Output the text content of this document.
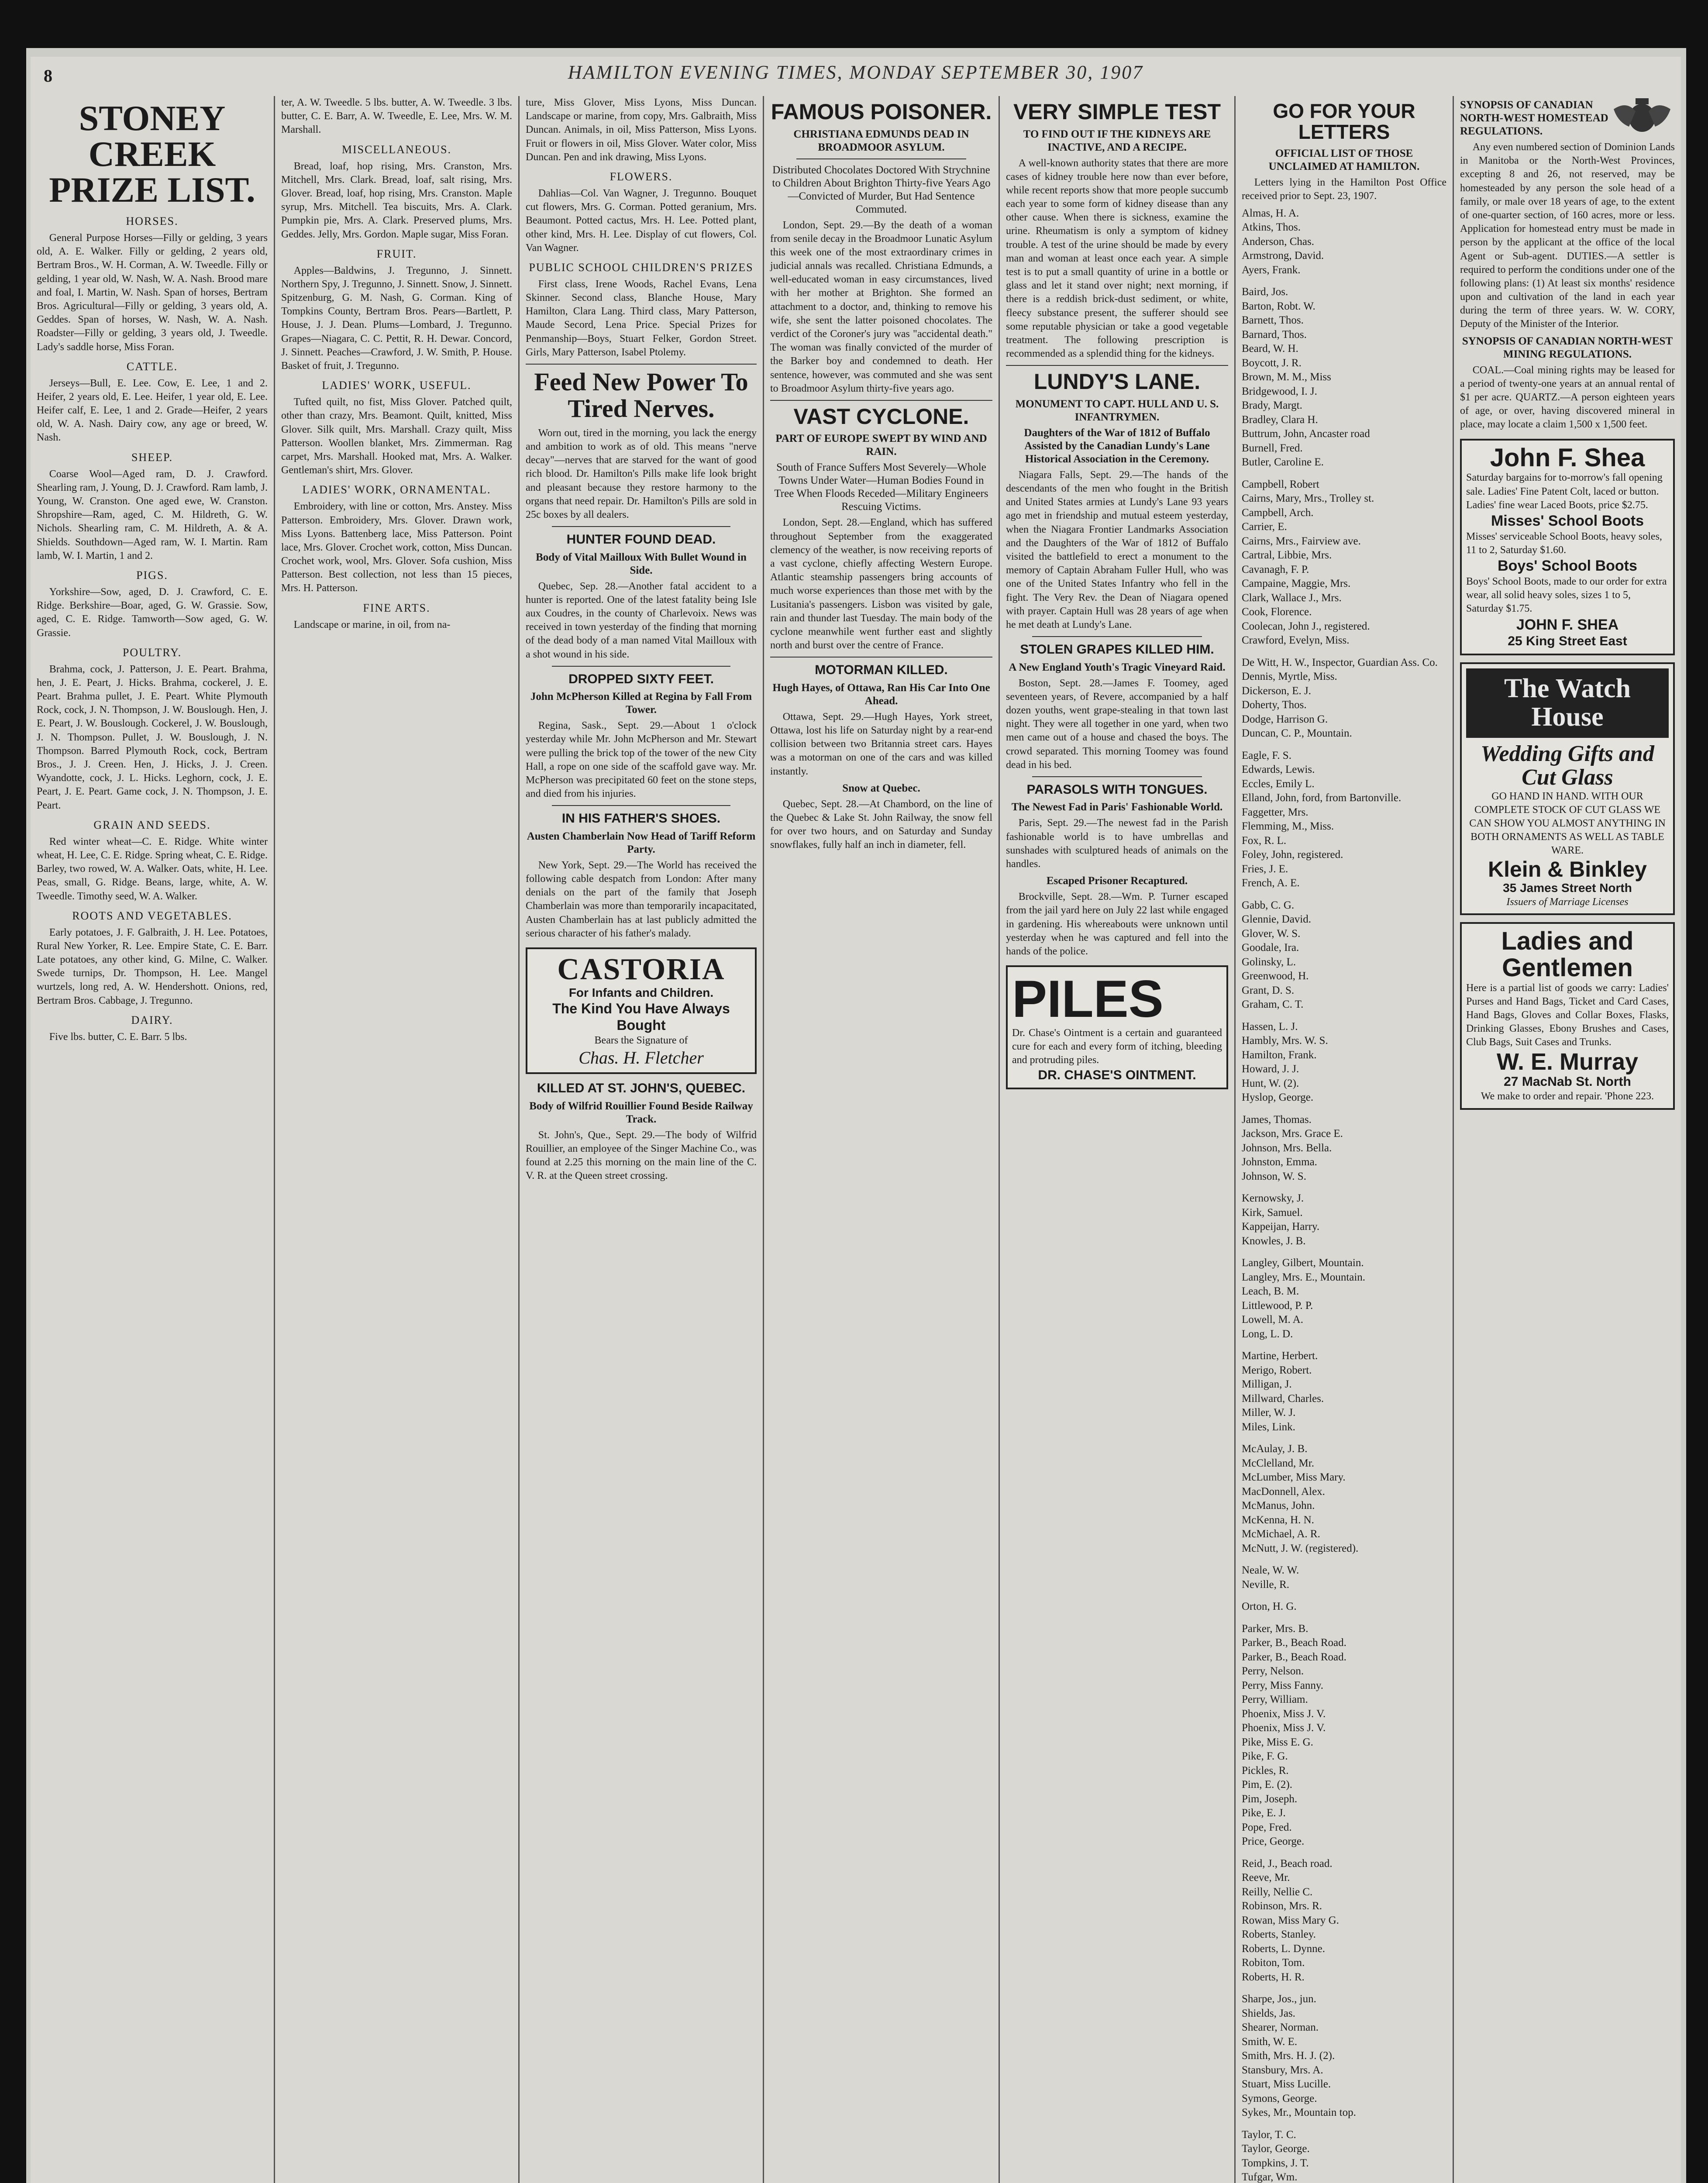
8	HAMILTON EVENING TIMES, MONDAY SEPTEMBER 30, 1907
STONEY CREEK PRIZE LIST.
HORSES.

General Purpose Horses—Filly or gelding, 3 years old, A. E. Walker. Filly or gelding, 2 years old, Bertram Bros., W. H. Corman, A. W. Tweedle. Filly or gelding, 1 year old, W. Nash, W. A. Nash. Brood mare and foal, I. Martin, W. Nash. Span of horses, Bertram Bros. Agricultural—Filly or gelding, 3 years old, A. Geddes. Span of horses, W. Nash, W. A. Nash. Roadster—Filly or gelding, 3 years old, J. Tweedle. Lady's saddle horse, Miss Foran.

CATTLE.

Jerseys—Bull, E. Lee. Cow, E. Lee, 1 and 2. Heifer, 2 years old, E. Lee. Heifer, 1 year old, E. Lee. Heifer calf, E. Lee, 1 and 2. Grade—Heifer, 2 years old, W. A. Nash. Dairy cow, any age or breed, W. Nash.

SHEEP.

Coarse Wool—Aged ram, D. J. Crawford. Shearling ram, J. Young, D. J. Crawford. Ram lamb, J. Young, W. Cranston. One aged ewe, W. Cranston. Shropshire—Ram, aged, C. M. Hildreth, G. W. Nichols. Shearling ram, C. M. Hildreth, A. & A. Shields. Southdown—Aged ram, W. I. Martin. Ram lamb, W. I. Martin, 1 and 2.

PIGS.

Yorkshire—Sow, aged, D. J. Crawford, C. E. Ridge. Berkshire—Boar, aged, G. W. Grassie. Sow, aged, C. E. Ridge. Tamworth—Sow aged, G. W. Grassie.

POULTRY.

Brahma, cock, J. Patterson, J. E. Peart. Brahma, hen, J. E. Peart, J. Hicks. Brahma, cockerel, J. E. Peart. Brahma pullet, J. E. Peart. White Plymouth Rock, cock, J. N. Thompson, J. W. Bouslough. Hen, J. E. Peart, J. W. Bouslough. Cockerel, J. W. Bouslough, J. N. Thompson. Pullet, J. W. Bouslough, J. N. Thompson. Barred Plymouth Rock, cock, Bertram Bros., J. J. Creen. Hen, J. Hicks, J. J. Creen. Wyandotte, cock, J. L. Hicks. Leghorn, cock, J. E. Peart, J. E. Peart. Game cock, J. N. Thompson, J. E. Peart.

GRAIN AND SEEDS.

Red winter wheat—C. E. Ridge. White winter wheat, H. Lee, C. E. Ridge. Spring wheat, C. E. Ridge. Barley, two rowed, W. A. Walker. Oats, white, H. Lee. Peas, small, G. Ridge. Beans, large, white, A. W. Tweedle. Timothy seed, W. A. Walker.

ROOTS AND VEGETABLES.

Early potatoes, J. F. Galbraith, J. H. Lee. Potatoes, Rural New Yorker, R. Lee. Empire State, C. E. Barr. Late potatoes, any other kind, G. Milne, C. Walker. Swede turnips, Dr. Thompson, H. Lee. Mangel wurtzels, long red, A. W. Hendershott. Onions, red, Bertram Bros. Cabbage, J. Tregunno.

DAIRY.

Five lbs. butter, C. E. Barr. 5 lbs.

ter, A. W. Tweedle. 5 lbs. butter, A. W. Tweedle. 3 lbs. butter, C. E. Barr, A. W. Tweedle, E. Lee, Mrs. W. M. Marshall.

MISCELLANEOUS.

Bread, loaf, hop rising, Mrs. Cranston, Mrs. Mitchell, Mrs. Clark. Bread, loaf, salt rising, Mrs. Glover. Bread, loaf, hop rising, Mrs. Cranston. Maple syrup, Mrs. Mitchell. Tea biscuits, Mrs. A. Clark. Pumpkin pie, Mrs. A. Clark. Preserved plums, Mrs. Geddes. Jelly, Mrs. Gordon. Maple sugar, Miss Foran.

FRUIT.

Apples—Baldwins, J. Tregunno, J. Sinnett. Northern Spy, J. Tregunno, J. Sinnett. Snow, J. Sinnett. Spitzenburg, G. M. Nash, G. Corman. King of Tompkins County, Bertram Bros. Pears—Bartlett, P. House, J. J. Dean. Plums—Lombard, J. Tregunno. Grapes—Niagara, C. C. Pettit, R. H. Dewar. Concord, J. Sinnett. Peaches—Crawford, J. W. Smith, P. House. Basket of fruit, J. Tregunno.

LADIES' WORK, USEFUL.

Tufted quilt, no fist, Miss Glover. Patched quilt, other than crazy, Mrs. Beamont. Quilt, knitted, Miss Glover. Silk quilt, Mrs. Marshall. Crazy quilt, Miss Patterson. Woollen blanket, Mrs. Zimmerman. Rag carpet, Mrs. Marshall. Hooked mat, Mrs. A. Walker. Gentleman's shirt, Mrs. Glover.

LADIES' WORK, ORNAMENTAL.

Embroidery, with line or cotton, Mrs. Anstey. Miss Patterson. Embroidery, Mrs. Glover. Drawn work, Miss Lyons. Battenberg lace, Miss Patterson. Point lace, Mrs. Glover. Crochet work, cotton, Miss Duncan. Crochet work, wool, Mrs. Glover. Sofa cushion, Miss Patterson. Best collection, not less than 15 pieces, Mrs. H. Patterson.

FINE ARTS.

Landscape or marine, in oil, from na-

ture, Miss Glover, Miss Lyons, Miss Duncan. Landscape or marine, from copy, Mrs. Galbraith, Miss Duncan. Animals, in oil, Miss Patterson, Miss Lyons. Fruit or flowers in oil, Miss Glover. Water color, Miss Duncan. Pen and ink drawing, Miss Lyons.

FLOWERS.

Dahlias—Col. Van Wagner, J. Tregunno. Bouquet cut flowers, Mrs. G. Corman. Potted geranium, Mrs. Beaumont. Potted cactus, Mrs. H. Lee. Potted plant, other kind, Mrs. H. Lee. Display of cut flowers, Col. Van Wagner.

PUBLIC SCHOOL CHILDREN'S PRIZES

First class, Irene Woods, Rachel Evans, Lena Skinner. Second class, Blanche House, Mary Hamilton, Clara Lang. Third class, Mary Patterson, Maude Secord, Lena Price. Special Prizes for Penmanship—Boys, Stuart Felker, Gordon Street. Girls, Mary Patterson, Isabel Ptolemy.

Feed New Power To Tired Nerves.

Worn out, tired in the morning, you lack the energy and ambition to work as of old. This means "nerve decay"—nerves that are starved for the want of good rich blood. Dr. Hamilton's Pills make life look bright and pleasant because they restore harmony to the organs that need repair. Dr. Hamilton's Pills are sold in 25c boxes by all dealers.

HUNTER FOUND DEAD.
Body of Vital Mailloux With Bullet Wound in Side.

Quebec, Sep. 28.—Another fatal accident to a hunter is reported. One of the latest fatality being Isle aux Coudres, in the county of Charlevoix. News was received in town yesterday of the finding that morning of the dead body of a man named Vital Mailloux with a shot wound in his side.

DROPPED SIXTY FEET.
John McPherson Killed at Regina by Fall From Tower.

Regina, Sask., Sept. 29.—About 1 o'clock yesterday while Mr. John McPherson and Mr. Stewart were pulling the brick top of the tower of the new City Hall, a rope on one side of the scaffold gave way. Mr. McPherson was precipitated 60 feet on the stone steps, and died from his injuries.

IN HIS FATHER'S SHOES.
Austen Chamberlain Now Head of Tariff Reform Party.

New York, Sept. 29.—The World has received the following cable despatch from London: After many denials on the part of the family that Joseph Chamberlain was more than temporarily incapacitated, Austen Chamberlain has at last publicly admitted the serious character of his father's malady.

CASTORIA
For Infants and Children.
The Kind You Have Always Bought
Bears the Signature of
Chas. H. Fletcher
KILLED AT ST. JOHN'S, QUEBEC.
Body of Wilfrid Rouillier Found Beside Railway Track.

St. John's, Que., Sept. 29.—The body of Wilfrid Rouillier, an employee of the Singer Machine Co., was found at 2.25 this morning on the main line of the C. V. R. at the Queen street crossing.

FAMOUS POISONER.
CHRISTIANA EDMUNDS DEAD IN BROADMOOR ASYLUM.
Distributed Chocolates Doctored With Strychnine to Children About Brighton Thirty-five Years Ago—Convicted of Murder, But Had Sentence Commuted.

London, Sept. 29.—By the death of a woman from senile decay in the Broadmoor Lunatic Asylum this week one of the most extraordinary crimes in judicial annals was recalled. Christiana Edmunds, a well-educated woman in easy circumstances, lived with her mother at Brighton. She formed an attachment to a doctor, and, thinking to remove his wife, she sent the latter poisoned chocolates. The verdict of the Coroner's jury was "accidental death." The woman was finally convicted of the murder of the Barker boy and condemned to death. Her sentence, however, was commuted and she was sent to Broadmoor Asylum thirty-five years ago.

VAST CYCLONE.
PART OF EUROPE SWEPT BY WIND AND RAIN.
South of France Suffers Most Severely—Whole Towns Under Water—Human Bodies Found in Tree When Floods Receded—Military Engineers Rescuing Victims.

London, Sept. 28.—England, which has suffered throughout September from the exaggerated clemency of the weather, is now receiving reports of a vast cyclone, chiefly affecting Western Europe. Atlantic steamship passengers bring accounts of much worse experiences than those met with by the Lusitania's passengers. Lisbon was visited by gale, rain and thunder last Tuesday. The main body of the cyclone meanwhile went further east and slightly north and burst over the centre of France.

MOTORMAN KILLED.
Hugh Hayes, of Ottawa, Ran His Car Into One Ahead.

Ottawa, Sept. 29.—Hugh Hayes, York street, Ottawa, lost his life on Saturday night by a rear-end collision between two Britannia street cars. Hayes was a motorman on one of the cars and was killed instantly.

Snow at Quebec.

Quebec, Sept. 28.—At Chambord, on the line of the Quebec & Lake St. John Railway, the snow fell for over two hours, and on Saturday and Sunday snowflakes, fully half an inch in diameter, fell.

VERY SIMPLE TEST
TO FIND OUT IF THE KIDNEYS ARE INACTIVE, AND A RECIPE.

A well-known authority states that there are more cases of kidney trouble here now than ever before, while recent reports show that more people succumb each year to some form of kidney disease than any other cause. When there is sickness, examine the urine. Rheumatism is only a symptom of kidney trouble. A test of the urine should be made by every man and woman at least once each year. A simple test is to put a small quantity of urine in a bottle or glass and let it stand over night; next morning, if there is a reddish brick-dust sediment, or white, fleecy substance present, the sufferer should see some reputable physician or take a good vegetable treatment. The following prescription is recommended as a splendid thing for the kidneys.

LUNDY'S LANE.
MONUMENT TO CAPT. HULL AND U. S. INFANTRYMEN.
Daughters of the War of 1812 of Buffalo Assisted by the Canadian Lundy's Lane Historical Association in the Ceremony.

Niagara Falls, Sept. 29.—The hands of the descendants of the men who fought in the British and United States armies at Lundy's Lane 93 years ago met in friendship and mutual esteem yesterday, when the Niagara Frontier Landmarks Association and the Daughters of the War of 1812 of Buffalo visited the battlefield to erect a monument to the memory of Captain Abraham Fuller Hull, who was one of the United States Infantry who fell in the fight. The Very Rev. the Dean of Niagara opened with prayer. Captain Hull was 28 years of age when he met death at Lundy's Lane.

STOLEN GRAPES KILLED HIM.
A New England Youth's Tragic Vineyard Raid.

Boston, Sept. 28.—James F. Toomey, aged seventeen years, of Revere, accompanied by a half dozen youths, went grape-stealing in that town last night. They were all together in one yard, when two men came out of a house and chased the boys. The crowd separated. This morning Toomey was found dead in his bed.

PARASOLS WITH TONGUES.
The Newest Fad in Paris' Fashionable World.

Paris, Sept. 29.—The newest fad in the Parish fashionable world is to have umbrellas and sunshades with sculptured heads of animals on the handles.

Escaped Prisoner Recaptured.

Brockville, Sept. 28.—Wm. P. Turner escaped from the jail yard here on July 22 last while engaged in gardening. His whereabouts were unknown until yesterday when he was captured and fell into the hands of the police.

PILES
Dr. Chase's Ointment is a certain and guaranteed cure for each and every form of itching, bleeding and protruding piles.
DR. CHASE'S OINTMENT.
GO FOR YOUR LETTERS
OFFICIAL LIST OF THOSE UNCLAIMED AT HAMILTON.

Letters lying in the Hamilton Post Office received prior to Sept. 23, 1907.

Almas, H. A.
Atkins, Thos.
Anderson, Chas.
Armstrong, David.
Ayers, Frank.
Baird, Jos.
Barton, Robt. W.
Barnett, Thos.
Barnard, Thos.
Beard, W. H.
Boycott, J. R.
Brown, M. M., Miss
Bridgewood, I. J.
Brady, Margt.
Bradley, Clara H.
Buttrum, John, Ancaster road
Burnell, Fred.
Butler, Caroline E.
Campbell, Robert
Cairns, Mary, Mrs., Trolley st.
Campbell, Arch.
Carrier, E.
Cairns, Mrs., Fairview ave.
Cartral, Libbie, Mrs.
Cavanagh, F. P.
Campaine, Maggie, Mrs.
Clark, Wallace J., Mrs.
Cook, Florence.
Coolecan, John J., registered.
Crawford, Evelyn, Miss.
De Witt, H. W., Inspector, Guardian Ass. Co.
Dennis, Myrtle, Miss.
Dickerson, E. J.
Doherty, Thos.
Dodge, Harrison G.
Duncan, C. P., Mountain.
Eagle, F. S.
Edwards, Lewis.
Eccles, Emily L.
Elland, John, ford, from Bartonville.
Faggetter, Mrs.
Flemming, M., Miss.
Fox, R. L.
Foley, John, registered.
Fries, J. E.
French, A. E.
Gabb, C. G.
Glennie, David.
Glover, W. S.
Goodale, Ira.
Golinsky, L.
Greenwood, H.
Grant, D. S.
Graham, C. T.
Hassen, L. J.
Hambly, Mrs. W. S.
Hamilton, Frank.
Howard, J. J.
Hunt, W. (2).
Hyslop, George.
James, Thomas.
Jackson, Mrs. Grace E.
Johnson, Mrs. Bella.
Johnston, Emma.
Johnson, W. S.
Kernowsky, J.
Kirk, Samuel.
Kappeijan, Harry.
Knowles, J. B.
Langley, Gilbert, Mountain.
Langley, Mrs. E., Mountain.
Leach, B. M.
Littlewood, P. P.
Lowell, M. A.
Long, L. D.
Martine, Herbert.
Merigo, Robert.
Milligan, J.
Millward, Charles.
Miller, W. J.
Miles, Link.
McAulay, J. B.
McClelland, Mr.
McLumber, Miss Mary.
MacDonnell, Alex.
McManus, John.
McKenna, H. N.
McMichael, A. R.
McNutt, J. W. (registered).
Neale, W. W.
Neville, R.
Orton, H. G.
Parker, Mrs. B.
Parker, B., Beach Road.
Parker, B., Beach Road.
Perry, Nelson.
Perry, Miss Fanny.
Perry, William.
Phoenix, Miss J. V.
Phoenix, Miss J. V.
Pike, Miss E. G.
Pike, F. G.
Pickles, R.
Pim, E. (2).
Pim, Joseph.
Pike, E. J.
Pope, Fred.
Price, George.
Reid, J., Beach road.
Reeve, Mr.
Reilly, Nellie C.
Robinson, Mrs. R.
Rowan, Miss Mary G.
Roberts, Stanley.
Roberts, L. Dynne.
Robiton, Tom.
Roberts, H. R.
Sharpe, Jos., jun.
Shields, Jas.
Shearer, Norman.
Smith, W. E.
Smith, Mrs. H. J. (2).
Stansbury, Mrs. A.
Stuart, Miss Lucille.
Symons, George.
Sykes, Mr., Mountain top.
Taylor, T. C.
Taylor, George.
Tompkins, J. T.
Tufgar, Wm.

SYNOPSIS OF CANADIAN NORTH-WEST HOMESTEAD REGULATIONS.

Any even numbered section of Dominion Lands in Manitoba or the North-West Provinces, excepting 8 and 26, not reserved, may be homesteaded by any person the sole head of a family, or male over 18 years of age, to the extent of one-quarter section, of 160 acres, more or less. Application for homestead entry must be made in person by the applicant at the office of the local Agent or Sub-agent. DUTIES.—A settler is required to perform the conditions under one of the following plans: (1) At least six months' residence upon and cultivation of the land in each year during the term of three years. W. W. CORY, Deputy of the Minister of the Interior.

SYNOPSIS OF CANADIAN NORTH-WEST MINING REGULATIONS.

COAL.—Coal mining rights may be leased for a period of twenty-one years at an annual rental of $1 per acre. QUARTZ.—A person eighteen years of age, or over, having discovered mineral in place, may locate a claim 1,500 x 1,500 feet.

John F. Shea
Saturday bargains for to-morrow's fall opening sale. Ladies' Fine Patent Colt, laced or button. Ladies' fine wear Laced Boots, price $2.75.
Misses' School Boots
Misses' serviceable School Boots, heavy soles, 11 to 2, Saturday $1.60.
Boys' School Boots
Boys' School Boots, made to our order for extra wear, all solid heavy soles, sizes 1 to 5, Saturday $1.75.
JOHN F. SHEA
25 King Street East
The Watch House
Wedding Gifts and Cut Glass
GO HAND IN HAND. WITH OUR COMPLETE STOCK OF CUT GLASS WE CAN SHOW YOU ALMOST ANYTHING IN BOTH ORNAMENTS AS WELL AS TABLE WARE.
Klein & Binkley
35 James Street North
Issuers of Marriage Licenses
Ladies and Gentlemen
Here is a partial list of goods we carry: Ladies' Purses and Hand Bags, Ticket and Card Cases, Hand Bags, Gloves and Collar Boxes, Flasks, Drinking Glasses, Ebony Brushes and Cases, Club Bags, Suit Cases and Trunks.
W. E. Murray
27 MacNab St. North
We make to order and repair. 'Phone 223.
